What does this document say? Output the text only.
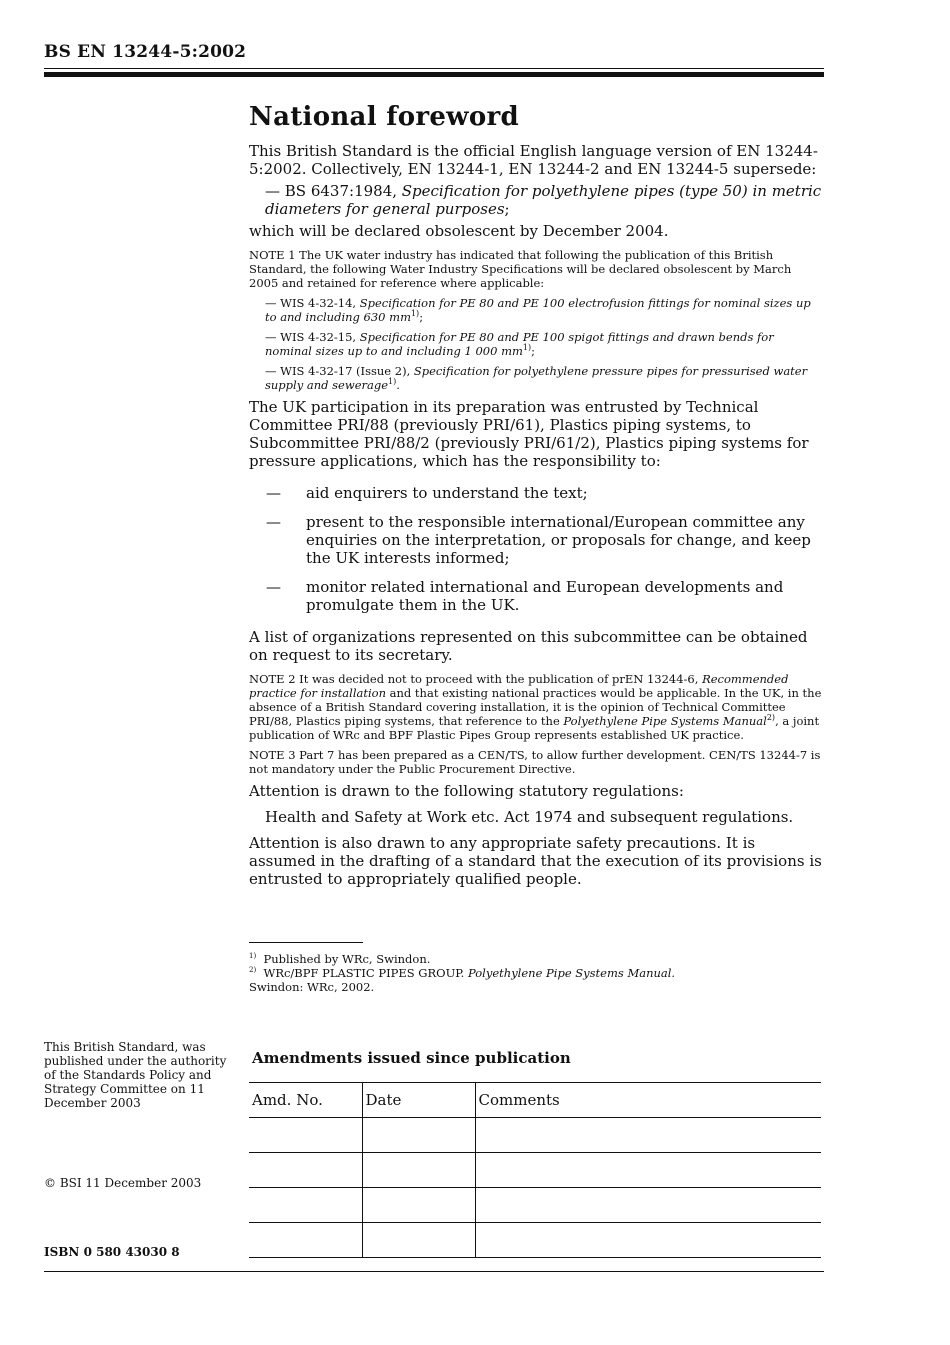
BS EN 13244-5:2002
National foreword

This British Standard is the official English language version of EN 13244-5:2002. Collectively, EN 13244-1, EN 13244-2 and EN 13244-5 supersede:

— BS 6437:1984, Specification for polyethylene pipes (type 50) in metric diameters for general purposes;

which will be declared obsolescent by December 2004.

NOTE 1 The UK water industry has indicated that following the publication of this British Standard, the following Water Industry Specifications will be declared obsolescent by March 2005 and retained for reference where applicable:

— WIS 4-32-14, Specification for PE 80 and PE 100 electrofusion fittings for nominal sizes up to and including 630 $mm^{1)}$;
— WIS 4-32-15, Specification for PE 80 and PE 100 spigot fittings and drawn bends for nominal sizes up to and including 1 000 $mm^{1)}$;
— WIS 4-32-17 (Issue 2), Specification for polyethylene pressure pipes for pressurised water supply and sewerage$^{1)}$.

The UK participation in its preparation was entrusted by Technical Committee PRI/88 (previously PRI/61), Plastics piping systems, to Subcommittee PRI/88/2 (previously PRI/61/2), Plastics piping systems for pressure applications, which has the responsibility to:

—	aid enquirers to understand the text;
—	present to the responsible international/European committee any enquiries on the interpretation, or proposals for change, and keep the UK interests informed;
—	monitor related international and European developments and promulgate them in the UK.

A list of organizations represented on this subcommittee can be obtained on request to its secretary.

NOTE 2 It was decided not to proceed with the publication of prEN 13244-6, Recommended practice for installation and that existing national practices would be applicable. In the UK, in the absence of a British Standard covering installation, it is the opinion of Technical Committee PRI/88, Plastics piping systems, that reference to the Polyethylene Pipe Systems Manual$^{2)}$, a joint publication of WRc and BPF Plastic Pipes Group represents established UK practice.

NOTE 3 Part 7 has been prepared as a CEN/TS, to allow further development. CEN/TS 13244-7 is not mandatory under the Public Procurement Directive.

Attention is drawn to the following statutory regulations:

Health and Safety at Work etc. Act 1974 and subsequent regulations.

Attention is also drawn to any appropriate safety precautions. It is assumed in the drafting of a standard that the execution of its provisions is entrusted to appropriately qualified people.

$^{1)}$ Published by WRc, Swindon.
$^{2)}$ WRc/BPF PLASTIC PIPES GROUP. Polyethylene Pipe Systems Manual.
Swindon: WRc, 2002.
This British Standard, was published under the authority of the Standards Policy and Strategy Committee on 11 December 2003
© BSI 11 December 2003
ISBN 0 580 43030 8
Amendments issued since publication
Amd. No.	Date	Comments
